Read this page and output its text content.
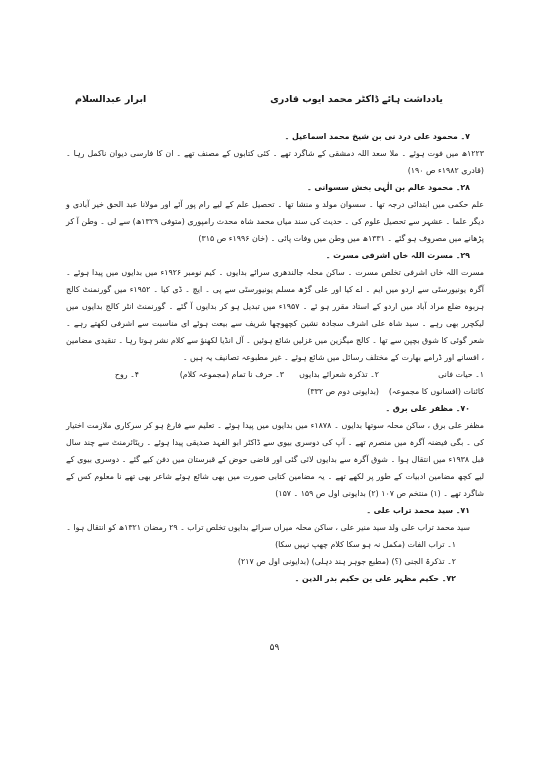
یادداشت ہائے ڈاکٹر محمد ایوب قادری
ابرار عبدالسلام

۷۔ محمود علی درد نی بن شیخ محمد اسماعیل ۔

۱۲۲۳ھ میں فوت ہوئے ۔ ملا سعد اللہ دمشقی کے شاگرد تھے ۔ کئی کتابوں کے مصنف تھے ۔ ان کا فارسی دیوان ناکمل رہا ۔ (قادری ۱۹۸۲ء ص ۱۹۰)

۲۸۔ محمود عالم بن الٰہی بخش سسوانی ۔

علم حکمی میں ابتدائی درجہ تھا ۔ سسوان مولد و منشا تھا ۔ تحصیل علم کے لیے رام پور آئے اور مولانا عبد الحق خیر آبادی و دیگر علما ۔ عشہر سے تحصیل علوم کی ۔ حدیث کی سند میاں محمد شاہ محدث رامپوری (متوفی ۱۳۲۹ھ) سے لی ۔ وطن آ کر پڑھانے میں مصروف ہو گئے ۔ ۱۳۳۱ھ میں وطن میں وفات پائی ۔ (خان ۱۹۹۶ء ص ۳۱۵)

۲۹۔ مسرت اللہ خاں اشرفی مسرت ۔

مسرت اللہ خاں اشرفی تخلص مسرت ۔ ساکن محلہ جالندھری سرائے بدایوں ۔ کیم نومبر ۱۹۲۶ء میں بدایوں میں پیدا ہوئے ۔ آگرہ یونیورسٹی سے اردو میں ایم ۔ اے کیا اور علی گڑھ مسلم یونیورسٹی سے پی ۔ ایچ ۔ ڈی کیا ۔ ۱۹۵۲ء میں گورنمنٹ کالج ہربوہ ضلع مراد آباد میں اردو کے استاد مقرر ہو ئے ۔ ۱۹۵۷ء میں تبدیل ہو کر بدایوں آ گئے ۔ گورنمنٹ انٹر کالج بدایوں میں لیکچرر بھی رہے ۔ سید شاہ علی اشرف سجادہ نشین کچھوچھا شریف سے بیعت ہوئے ای مناسبت سے اشرفی لکھتے رہے ۔ شعر گوئی کا شوق بچپن سے تھا ۔ کالج میگزین میں غزلیں شائع ہوئیں ۔ آل انڈیا لکھنؤ سے کلام نشر ہوتا رہا ۔ تنقیدی مضامین ، افسانے اور ڈرامے بھارت کے مختلف رسائل میں شائع ہوئے ۔ غیر مطبوعہ تصانیف یہ ہیں ۔

۱۔ حیات فانی
۲۔ تذکرہ شعرائے بدایوں
۳۔ حرف نا تمام (مجموعہ کلام)
۴۔ روح
کائنات (افسانوں کا مجموعہ)
(بدایونی دوم ص ۳۳۲)

۷۰۔ مظفر علی برق ۔

مظفر علی برق ، ساکن محلہ سوتھا بدایوں ۔ ۱۸۷۸ء میں بدایوں میں پیدا ہوئے ۔ تعلیم سے فارغ ہو کر سرکاری ملازمت اختیار کی ۔ بگی فیضنہ آگرہ میں منصرم تھے ۔ آپ کی دوسری بیوی سے ڈاکٹر ابو الفہد صدیقی پیدا ہوئے ۔ ریٹائرمنٹ سے چند سال قبل ۱۹۳۸ء میں انتقال ہوا ۔ شوق آگرہ سے بدایوں لائی گئی اور قاضی حوض کے قبرستان میں دفن کیے گئے ۔ دوسری بیوی کے لیے کچھ مضامین ادبیات کے طور پر لکھے تھے ۔ یہ مضامین کتابی صورت میں بھی شائع ہوئے شاعر بھی تھے نا معلوم کس کے شاگرد تھے ۔ (۱) منتخم ص ۱۰۷ (۲) بدایونی اول ص ۱۵۹ ۔ ۱۵۷)

۷۱۔ سید محمد تراب علی ۔

سید محمد تراب علی ولد سید منیر علی ، ساکن محلہ میراں سرائے بدایوں تخلص تراب ۔ ۲۹ رمضان ۱۳۲۱ھ کو انتقال ہوا ۔

۱۔ تراب الفات (مکمل نہ ہو سکا کلام چھپ نہیں سکا)

۲۔ تذکرۃ الجنی (؟) (مطبع جوہر ہند دہلی) (بدایونی اول ص ۲۱۷)

۷۲۔ حکیم مظہر علی بن حکیم بدر الدین ۔

۵۹
